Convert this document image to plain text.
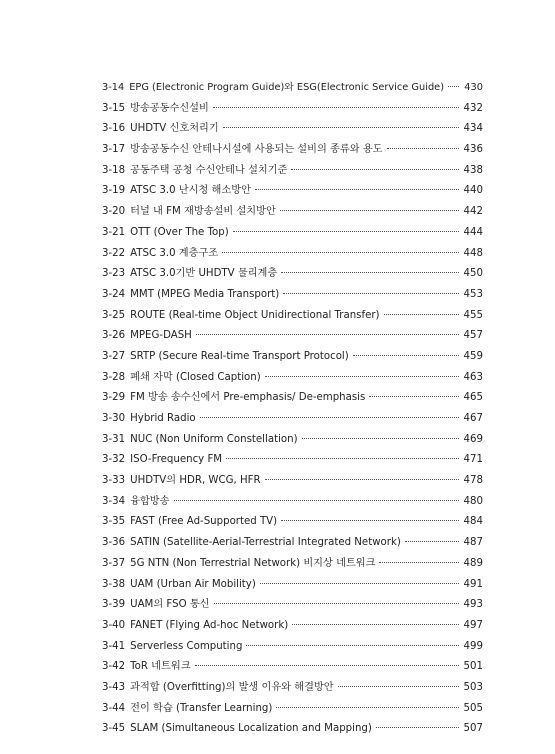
3-14 EPG (Electronic Program Guide)와 ESG(Electronic Service Guide) 430
3-15 방송공동수신설비	432
3-16 UHDTV 신호처리기	434
3-17 방송공동수신 안테나시설에 사용되는 설비의 종류와 용도	436
3-18 공동주택 공청 수신안테나 설치기준	438
3-19 ATSC 3.0 난시청 해소방안	440
3-20 터널 내 FM 재방송설비 설치방안	442
3-21 OTT (Over The Top)	444
3-22 ATSC 3.0 계층구조	448
3-23 ATSC 3.0기반 UHDTV 물리계층	450
3-24 MMT (MPEG Media Transport)	453
3-25 ROUTE (Real-time Object Unidirectional Transfer)	455
3-26 MPEG-DASH	457
3-27 SRTP (Secure Real-time Transport Protocol)	459
3-28 폐쇄 자막 (Closed Caption)	463
3-29 FM 방송 송수신에서 Pre-emphasis/ De-emphasis	465
3-30 Hybrid Radio	467
3-31 NUC (Non Uniform Constellation)	469
3-32 ISO-Frequency FM	471
3-33 UHDTV의 HDR, WCG, HFR	478
3-34 융합방송	480
3-35 FAST (Free Ad-Supported TV)	484
3-36 SATIN (Satellite-Aerial-Terrestrial Integrated Network)	487
3-37 5G NTN (Non Terrestrial Network) 비지상 네트워크	489
3-38 UAM (Urban Air Mobility)	491
3-39 UAM의 FSO 통신	493
3-40 FANET (Flying Ad-hoc Network)	497
3-41 Serverless Computing	499
3-42 ToR 네트워크	501
3-43 과적합 (Overfitting)의 발생 이유와 해결방안	503
3-44 전이 학습 (Transfer Learning)	505
3-45 SLAM (Simultaneous Localization and Mapping)	507
